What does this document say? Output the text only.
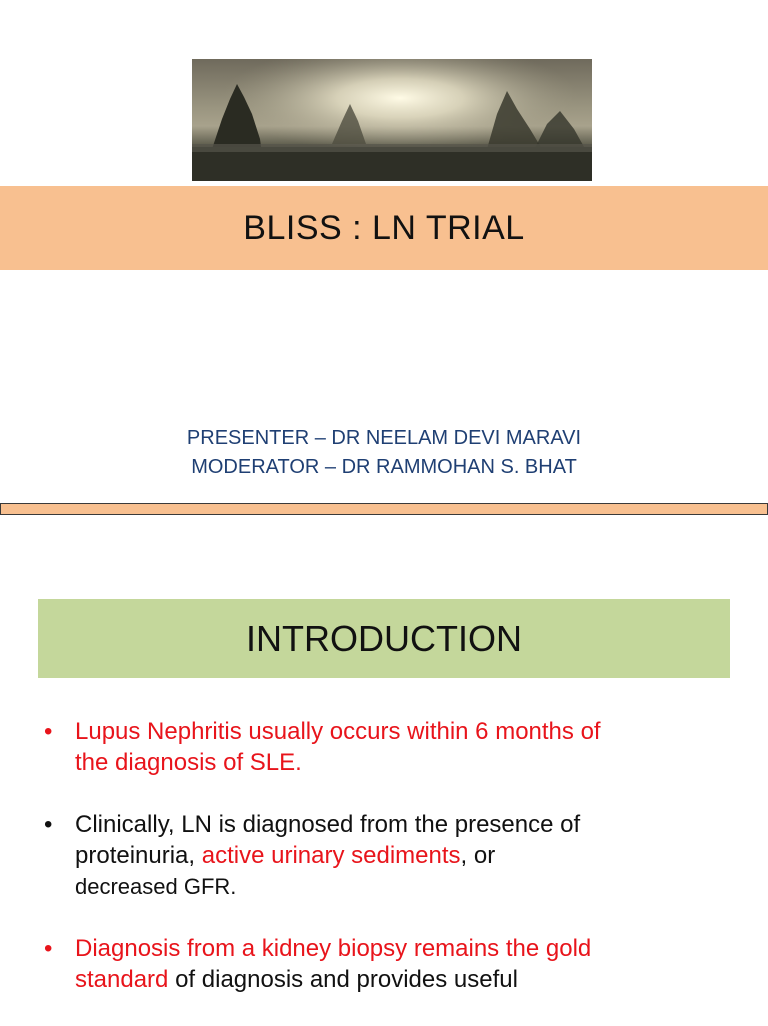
BLISS : LN TRIAL
PRESENTER – DR NEELAM DEVI MARAVI
MODERATOR – DR RAMMOHAN S. BHAT
INTRODUCTION
• Lupus Nephritis usually occurs within 6 months of
the diagnosis of SLE.
• Clinically, LN is diagnosed from the presence of
proteinuria, active urinary sediments, or
decreased GFR.
• Diagnosis from a kidney biopsy remains the gold
standard of diagnosis and provides useful
